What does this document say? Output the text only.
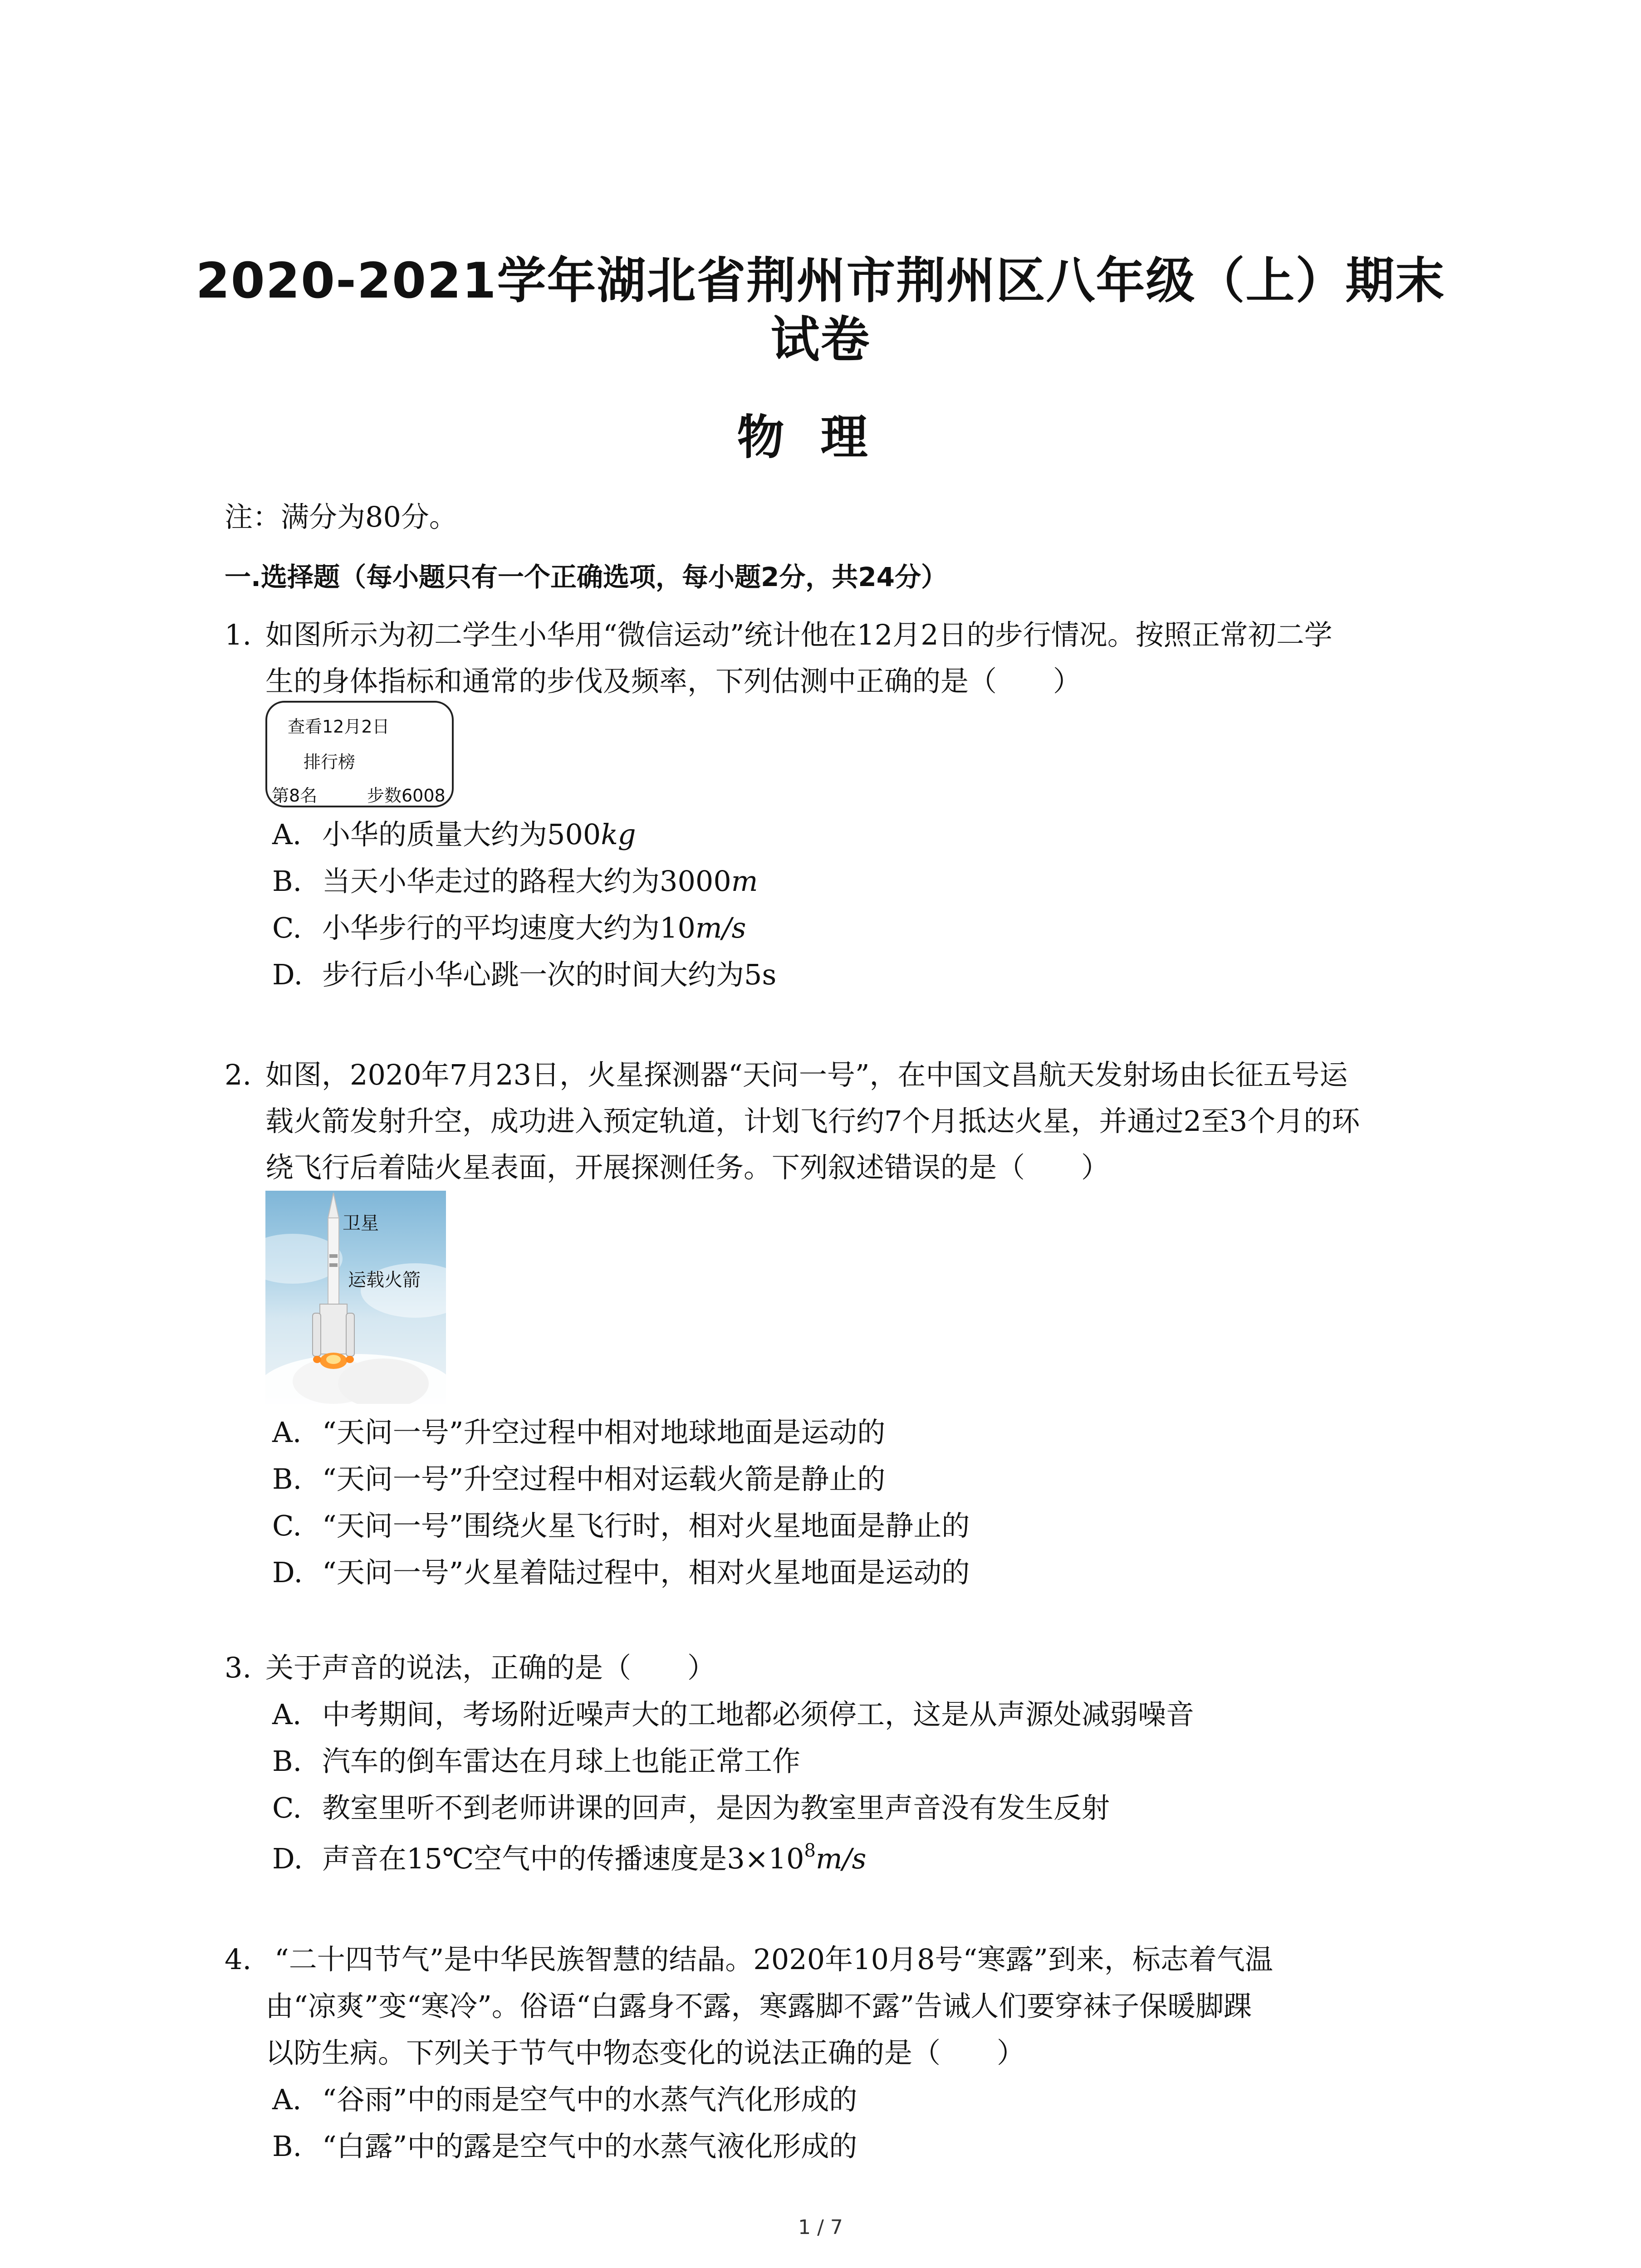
2020-2021学年湖北省荆州市荆州区八年级（上）期末
试卷
物理
注：满分为80分。
一.选择题（每小题只有一个正确选项，每小题2分，共24分）
1. 如图所示为初二学生小华用“微信运动”统计他在12月2日的步行情况。按照正常初二学
生的身体指标和通常的步伐及频率，下列估测中正确的是（　　）
查看12月2日
排行榜
第8名	步数6008
A. 小华的质量大约为500kg
B. 当天小华走过的路程大约为3000m
C. 小华步行的平均速度大约为10m/s
D. 步行后小华心跳一次的时间大约为5s
2. 如图，2020年7月23日，火星探测器“天问一号”，在中国文昌航天发射场由长征五号运
载火箭发射升空，成功进入预定轨道，计划飞行约7个月抵达火星，并通过2至3个月的环
绕飞行后着陆火星表面，开展探测任务。下列叙述错误的是（　　）
卫星
运载火箭
A. “天问一号”升空过程中相对地球地面是运动的
B. “天问一号”升空过程中相对运载火箭是静止的
C. “天问一号”围绕火星飞行时，相对火星地面是静止的
D. “天问一号”火星着陆过程中，相对火星地面是运动的
3. 关于声音的说法，正确的是（　　）
A. 中考期间，考场附近噪声大的工地都必须停工，这是从声源处减弱噪音
B. 汽车的倒车雷达在月球上也能正常工作
C. 教室里听不到老师讲课的回声，是因为教室里声音没有发生反射
D. 声音在15℃空气中的传播速度是$3\times 10^8m/s$
4. “二十四节气”是中华民族智慧的结晶。2020年10月8号“寒露”到来，标志着气温
由“凉爽”变“寒冷”。俗语“白露身不露，寒露脚不露”告诫人们要穿袜子保暖脚踝
以防生病。下列关于节气中物态变化的说法正确的是（　　）
A. “谷雨”中的雨是空气中的水蒸气汽化形成的
B. “白露”中的露是空气中的水蒸气液化形成的
1 / 7
